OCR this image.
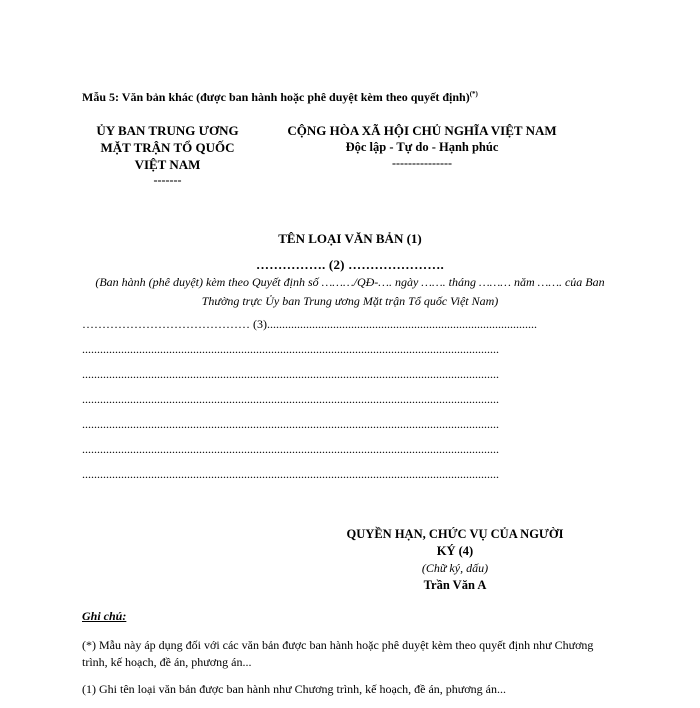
Mẫu 5: Văn bản khác (được ban hành hoặc phê duyệt kèm theo quyết định)(*)
ỦY BAN TRUNG ƯƠNG
MẶT TRẬN TỔ QUỐC
VIỆT NAM
-------
CỘNG HÒA XÃ HỘI CHỦ NGHĨA VIỆT NAM
Độc lập - Tự do - Hạnh phúc
---------------
TÊN LOẠI VĂN BẢN (1)
……………. (2) ………………….
(Ban hành (phê duyệt) kèm theo Quyết định số ………/QĐ-…. ngày ……. tháng ……… năm ……. của Ban Thường trực Ủy ban Trung ương Mặt trận Tổ quốc Việt Nam)
…………………………………… (3)..........................................................................................
...........................................................................................................................................
...........................................................................................................................................
...........................................................................................................................................
...........................................................................................................................................
...........................................................................................................................................
...........................................................................................................................................
QUYỀN HẠN, CHỨC VỤ CỦA NGƯỜI
KÝ (4)
(Chữ ký, dấu)
Trần Văn A
Ghi chú:

(*) Mẫu này áp dụng đối với các văn bản được ban hành hoặc phê duyệt kèm theo quyết định như Chương trình, kế hoạch, đề án, phương án...

(1) Ghi tên loại văn bản được ban hành như Chương trình, kế hoạch, đề án, phương án...
